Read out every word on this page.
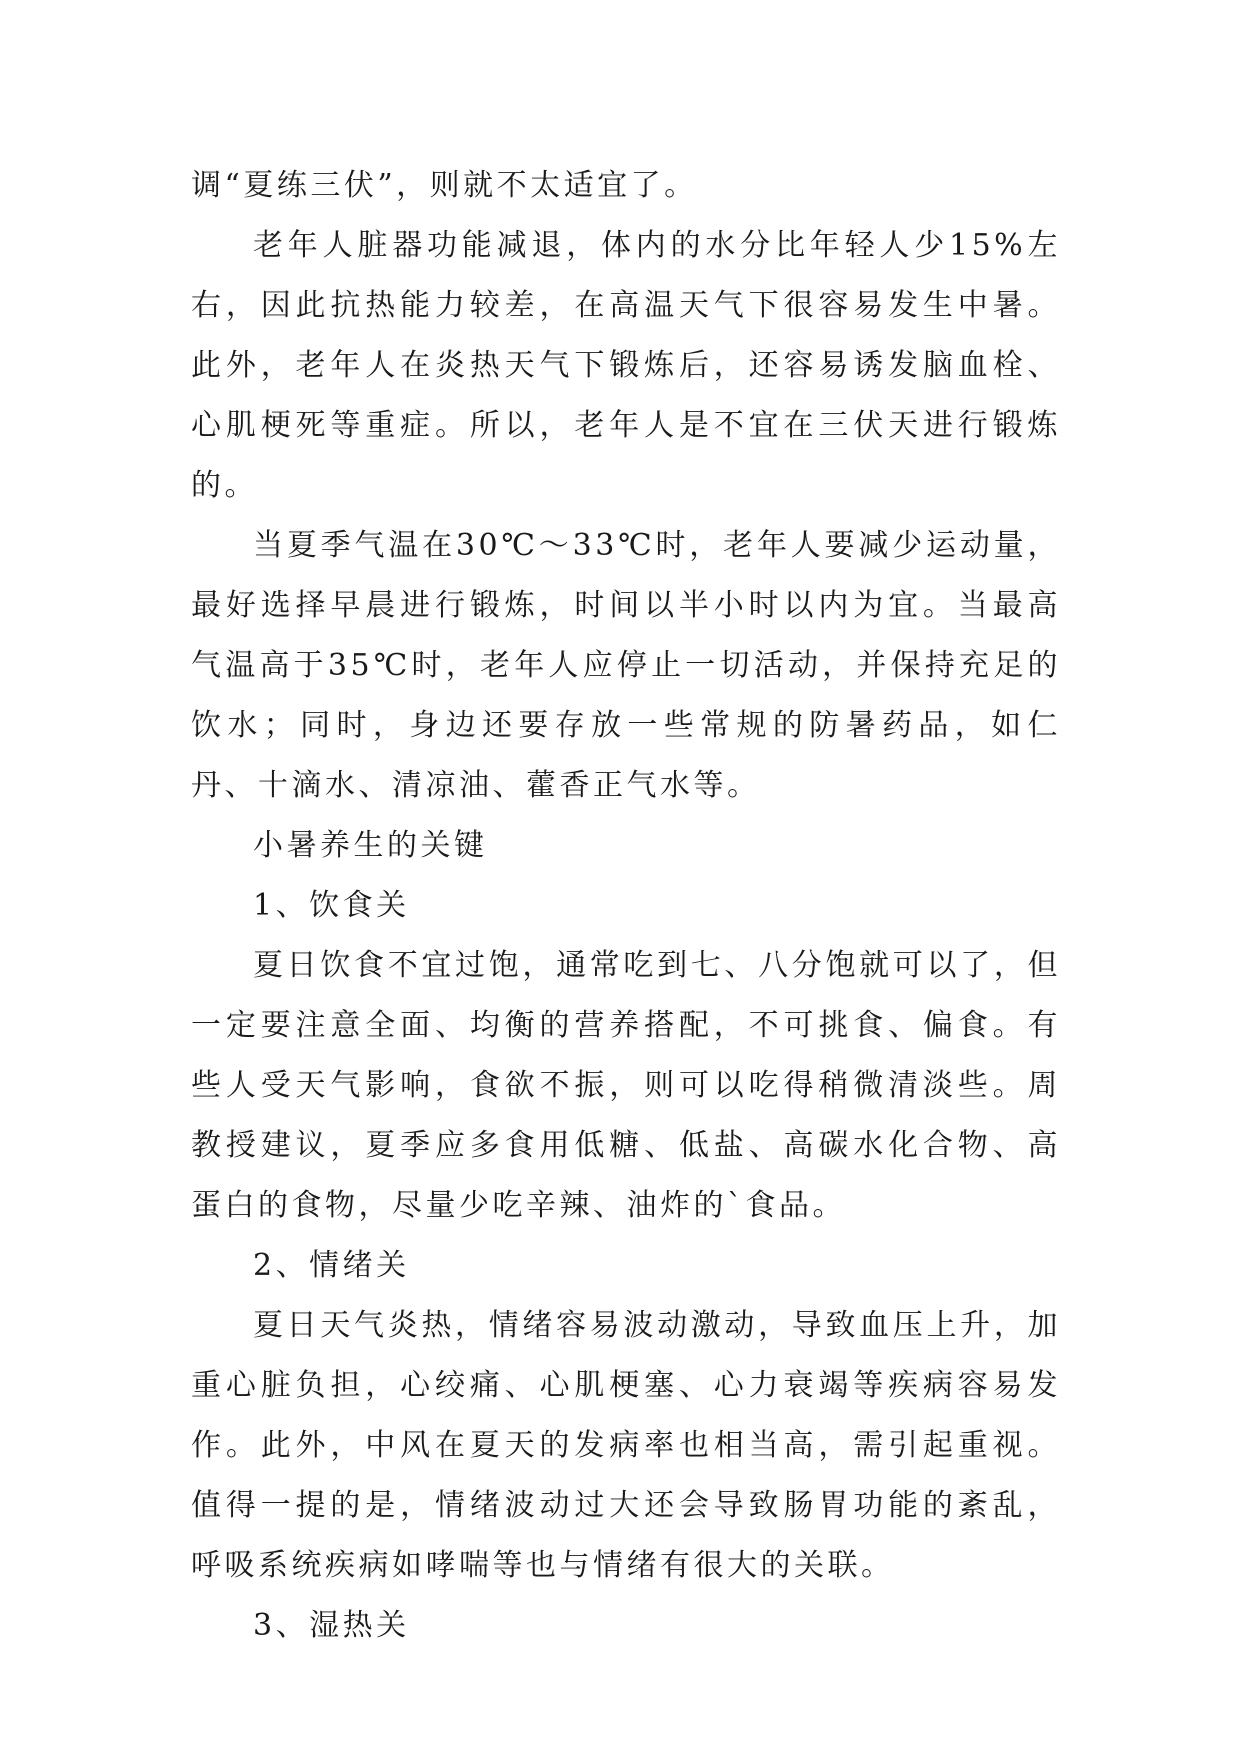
调“夏练三伏”，则就不太适宜了。

老年人脏器功能减退，体内的水分比年轻人少15%左右，因此抗热能力较差，在高温天气下很容易发生中暑。此外，老年人在炎热天气下锻炼后，还容易诱发脑血栓、心肌梗死等重症。所以，老年人是不宜在三伏天进行锻炼的。

当夏季气温在30℃～33℃时，老年人要减少运动量，最好选择早晨进行锻炼，时间以半小时以内为宜。当最高气温高于35℃时，老年人应停止一切活动，并保持充足的饮水；同时，身边还要存放一些常规的防暑药品，如仁丹、十滴水、清凉油、藿香正气水等。

小暑养生的关键

1、饮食关

夏日饮食不宜过饱，通常吃到七、八分饱就可以了，但一定要注意全面、均衡的营养搭配，不可挑食、偏食。有些人受天气影响，食欲不振，则可以吃得稍微清淡些。周教授建议，夏季应多食用低糖、低盐、高碳水化合物、高蛋白的食物，尽量少吃辛辣、油炸的`食品。

2、情绪关

夏日天气炎热，情绪容易波动激动，导致血压上升，加重心脏负担，心绞痛、心肌梗塞、心力衰竭等疾病容易发作。此外，中风在夏天的发病率也相当高，需引起重视。值得一提的是，情绪波动过大还会导致肠胃功能的紊乱，呼吸系统疾病如哮喘等也与情绪有很大的关联。

3、湿热关
